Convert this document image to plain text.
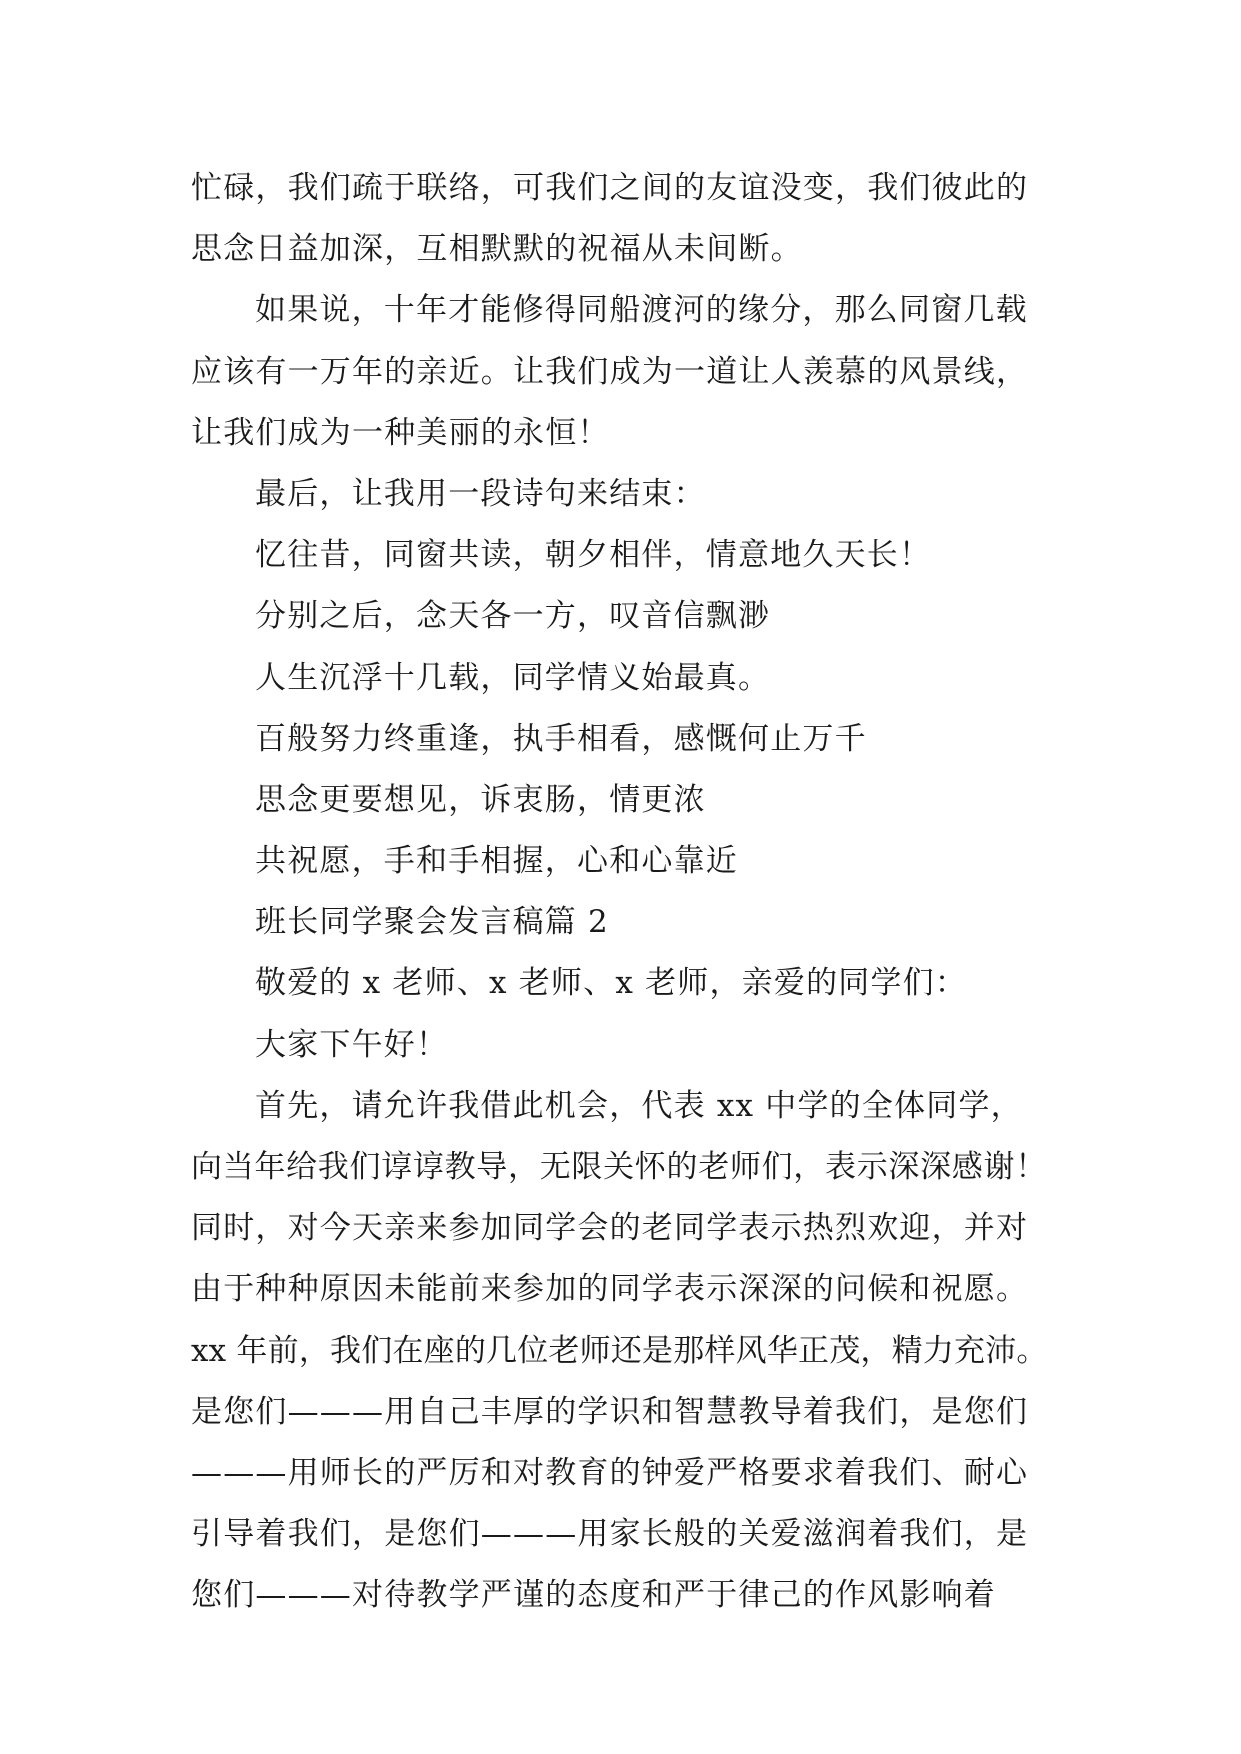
忙碌，我们疏于联络，可我们之间的友谊没变，我们彼此的
思念日益加深，互相默默的祝福从未间断。
如果说，十年才能修得同船渡河的缘分，那么同窗几载
应该有一万年的亲近。让我们成为一道让人羡慕的风景线，
让我们成为一种美丽的永恒！
最后，让我用一段诗句来结束：
忆往昔，同窗共读，朝夕相伴，情意地久天长！
分别之后，念天各一方，叹音信飘渺
人生沉浮十几载，同学情义始最真。
百般努力终重逢，执手相看，感慨何止万千
思念更要想见，诉衷肠，情更浓
共祝愿，手和手相握，心和心靠近
班长同学聚会发言稿篇 2
敬爱的 x 老师、x 老师、x 老师，亲爱的同学们：
大家下午好！
首先，请允许我借此机会，代表 xx 中学的全体同学，
向当年给我们谆谆教导，无限关怀的老师们，表示深深感谢！
同时，对今天亲来参加同学会的老同学表示热烈欢迎，并对
由于种种原因未能前来参加的同学表示深深的问候和祝愿。
xx 年前，我们在座的几位老师还是那样风华正茂，精力充沛。
是您们———用自己丰厚的学识和智慧教导着我们，是您们
———用师长的严厉和对教育的钟爱严格要求着我们、耐心
引导着我们，是您们———用家长般的关爱滋润着我们，是
您们———对待教学严谨的态度和严于律己的作风影响着
